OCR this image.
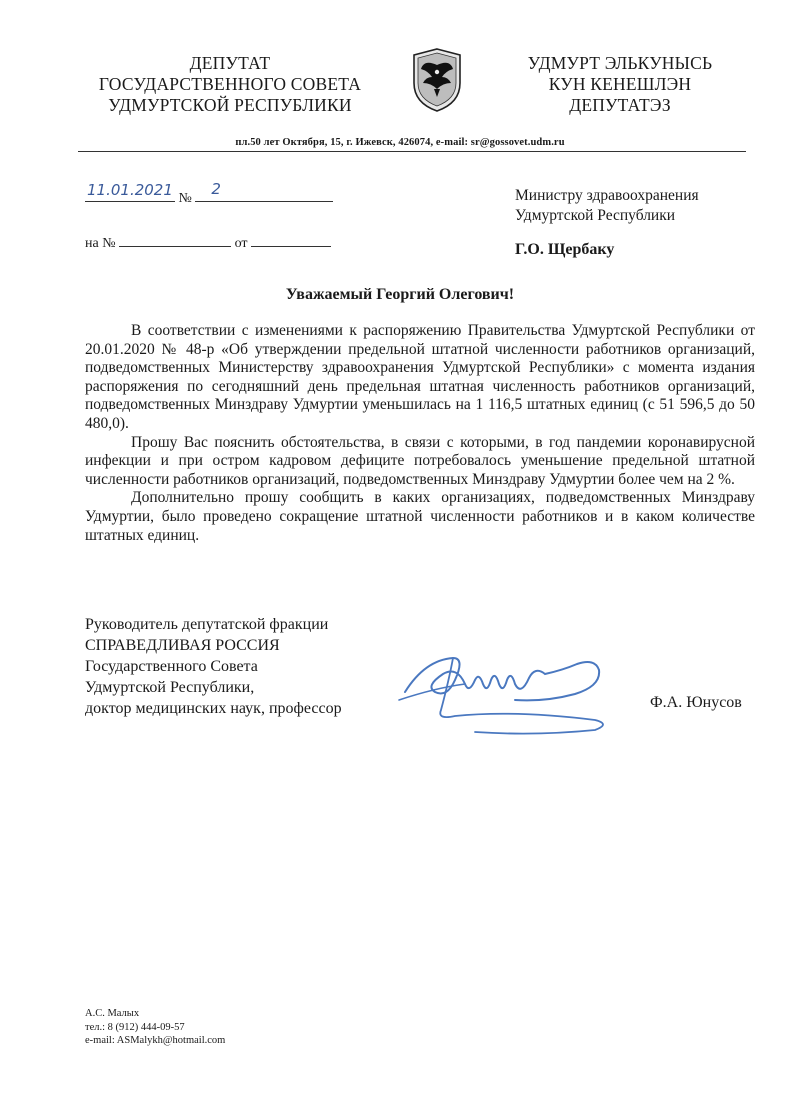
ДЕПУТАТ
ГОСУДАРСТВЕННОГО СОВЕТА
УДМУРТСКОЙ РЕСПУБЛИКИ
УДМУРТ ЭЛЬКУНЫСЬ
КУН КЕНЕШЛЭН
ДЕПУТАТЭЗ
пл.50 лет Октября, 15, г. Ижевск, 426074, e-mail: sr@gossovet.udm.ru
11.01.2021 №
2
на №	от
Министру здравоохранения
Удмуртской Республики
Г.О. Щербаку
Уважаемый Георгий Олегович!

В соответствии с изменениями к распоряжению Правительства Удмуртской Республики от 20.01.2020 № 48-р «Об утверждении предельной штатной численности работников организаций, подведомственных Министерству здравоохранения Удмуртской Республики» с момента издания распоряжения по сегодняшний день предельная штатная численность работников организаций, подведомственных Минздраву Удмуртии уменьшилась на 1 116,5 штатных единиц (с 51 596,5 до 50 480,0).

Прошу Вас пояснить обстоятельства, в связи с которыми, в год пандемии коронавирусной инфекции и при остром кадровом дефиците потребовалось уменьшение предельной штатной численности работников организаций, подведомственных Минздраву Удмуртии более чем на 2 %.

Дополнительно прошу сообщить в каких организациях, подведомственных Минздраву Удмуртии, было проведено сокращение штатной численности работников и в каком количестве штатных единиц.

Руководитель депутатской фракции
СПРАВЕДЛИВАЯ РОССИЯ
Государственного Совета
Удмуртской Республики,
доктор медицинских наук, профессор	Ф.А. Юнусов
А.С. Малых
тел.: 8 (912) 444-09-57
e-mail: ASMalykh@hotmail.com
